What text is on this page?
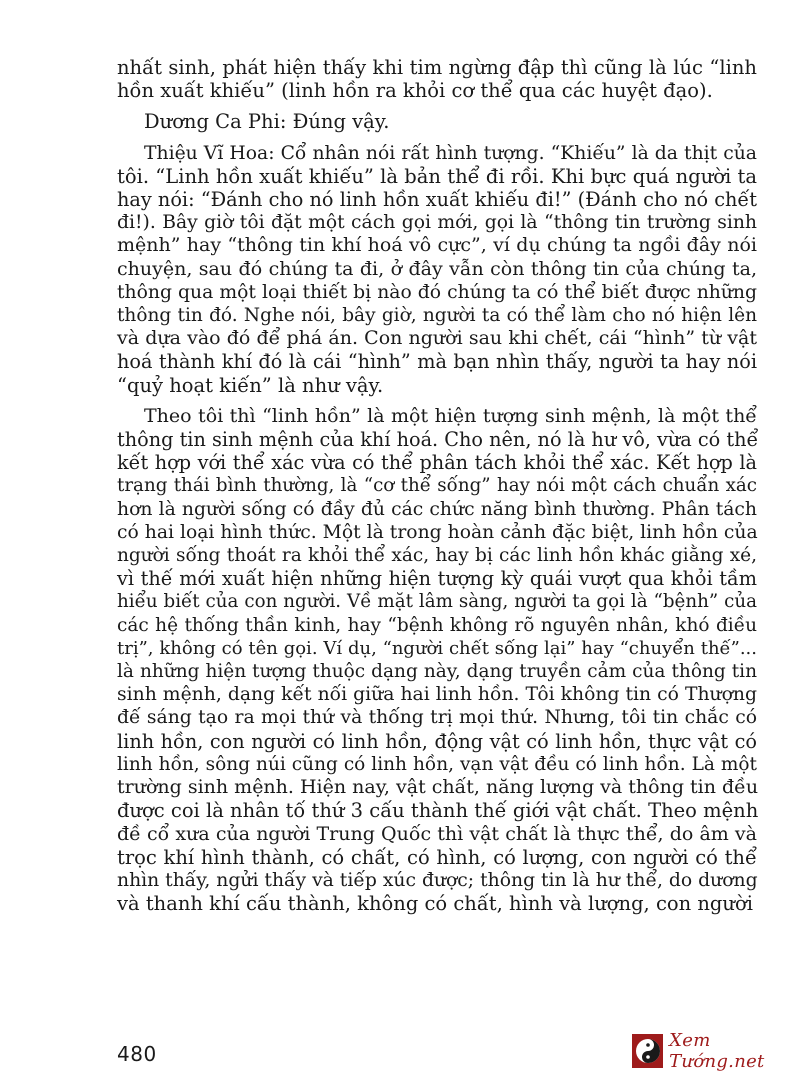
nhất sinh, phát hiện thấy khi tim ngừng đập thì cũng là lúc “linh
hồn xuất khiếu” (linh hồn ra khỏi cơ thể qua các huyệt đạo).
Dương Ca Phi: Đúng vậy.
Thiệu Vĩ Hoa: Cổ nhân nói rất hình tượng. “Khiếu” là da thịt của
tôi. “Linh hồn xuất khiếu” là bản thể đi rồi. Khi bực quá người ta
hay nói: “Đánh cho nó linh hồn xuất khiếu đi!” (Đánh cho nó chết
đi!). Bây giờ tôi đặt một cách gọi mới, gọi là “thông tin trường sinh
mệnh” hay “thông tin khí hoá vô cực”, ví dụ chúng ta ngồi đây nói
chuyện, sau đó chúng ta đi, ở đây vẫn còn thông tin của chúng ta,
thông qua một loại thiết bị nào đó chúng ta có thể biết được những
thông tin đó. Nghe nói, bây giờ, người ta có thể làm cho nó hiện lên
và dựa vào đó để phá án. Con người sau khi chết, cái “hình” từ vật
hoá thành khí đó là cái “hình” mà bạn nhìn thấy, người ta hay nói
“quỷ hoạt kiến” là như vậy.
Theo tôi thì “linh hồn” là một hiện tượng sinh mệnh, là một thể
thông tin sinh mệnh của khí hoá. Cho nên, nó là hư vô, vừa có thể
kết hợp với thể xác vừa có thể phân tách khỏi thể xác. Kết hợp là
trạng thái bình thường, là “cơ thể sống” hay nói một cách chuẩn xác
hơn là người sống có đầy đủ các chức năng bình thường. Phân tách
có hai loại hình thức. Một là trong hoàn cảnh đặc biệt, linh hồn của
người sống thoát ra khỏi thể xác, hay bị các linh hồn khác giằng xé,
vì thế mới xuất hiện những hiện tượng kỳ quái vượt qua khỏi tầm
hiểu biết của con người. Về mặt lâm sàng, người ta gọi là “bệnh” của
các hệ thống thần kinh, hay “bệnh không rõ nguyên nhân, khó điều
trị”, không có tên gọi. Ví dụ, “người chết sống lại” hay “chuyển thế”...
là những hiện tượng thuộc dạng này, dạng truyền cảm của thông tin
sinh mệnh, dạng kết nối giữa hai linh hồn. Tôi không tin có Thượng
đế sáng tạo ra mọi thứ và thống trị mọi thứ. Nhưng, tôi tin chắc có
linh hồn, con người có linh hồn, động vật có linh hồn, thực vật có
linh hồn, sông núi cũng có linh hồn, vạn vật đều có linh hồn. Là một
trường sinh mệnh. Hiện nay, vật chất, năng lượng và thông tin đều
được coi là nhân tố thứ 3 cấu thành thế giới vật chất. Theo mệnh
đề cổ xưa của người Trung Quốc thì vật chất là thực thể, do âm và
trọc khí hình thành, có chất, có hình, có lượng, con người có thể
nhìn thấy, ngửi thấy và tiếp xúc được; thông tin là hư thể, do dương
và thanh khí cấu thành, không có chất, hình và lượng, con người
480
Xem Tướng.net
